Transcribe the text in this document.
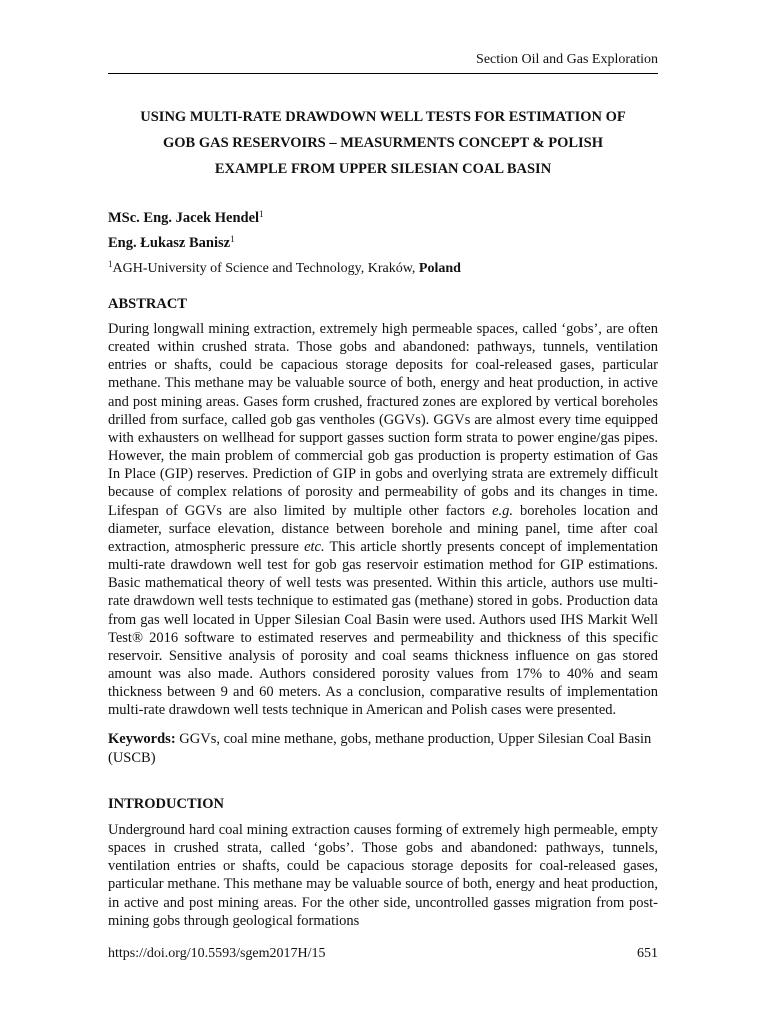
Section Oil and Gas Exploration
USING MULTI-RATE DRAWDOWN WELL TESTS FOR ESTIMATION OF
GOB GAS RESERVOIRS – MEASURMENTS CONCEPT & POLISH
EXAMPLE FROM UPPER SILESIAN COAL BASIN
MSc. Eng. Jacek Hendel$^1$
Eng. Łukasz Banisz$^1$
$^1$AGH-University of Science and Technology, Kraków, Poland
ABSTRACT
During longwall mining extraction, extremely high permeable spaces, called ‘gobs’, are often created within crushed strata. Those gobs and abandoned: pathways, tunnels, ventilation entries or shafts, could be capacious storage deposits for coal-released gases, particular methane. This methane may be valuable source of both, energy and heat production, in active and post mining areas. Gases form crushed, fractured zones are explored by vertical boreholes drilled from surface, called gob gas ventholes (GGVs). GGVs are almost every time equipped with exhausters on wellhead for support gasses suction form strata to power engine/gas pipes. However, the main problem of commercial gob gas production is property estimation of Gas In Place (GIP) reserves. Prediction of GIP in gobs and overlying strata are extremely difficult because of complex relations of porosity and permeability of gobs and its changes in time. Lifespan of GGVs are also limited by multiple other factors e.g. boreholes location and diameter, surface elevation, distance between borehole and mining panel, time after coal extraction, atmospheric pressure etc. This article shortly presents concept of implementation multi-rate drawdown well test for gob gas reservoir estimation method for GIP estimations. Basic mathematical theory of well tests was presented. Within this article, authors use multi-rate drawdown well tests technique to estimated gas (methane) stored in gobs. Production data from gas well located in Upper Silesian Coal Basin were used. Authors used IHS Markit Well Test® 2016 software to estimated reserves and permeability and thickness of this specific reservoir. Sensitive analysis of porosity and coal seams thickness influence on gas stored amount was also made. Authors considered porosity values from 17% to 40% and seam thickness between 9 and 60 meters. As a conclusion, comparative results of implementation multi-rate drawdown well tests technique in American and Polish cases were presented.
Keywords: GGVs, coal mine methane, gobs, methane production, Upper Silesian Coal Basin (USCB)
INTRODUCTION
Underground hard coal mining extraction causes forming of extremely high permeable, empty spaces in crushed strata, called ‘gobs’. Those gobs and abandoned: pathways, tunnels, ventilation entries or shafts, could be capacious storage deposits for coal-released gases, particular methane. This methane may be valuable source of both, energy and heat production, in active and post mining areas. For the other side, uncontrolled gasses migration from post-mining gobs through geological formations
https://doi.org/10.5593/sgem2017H/15	651
